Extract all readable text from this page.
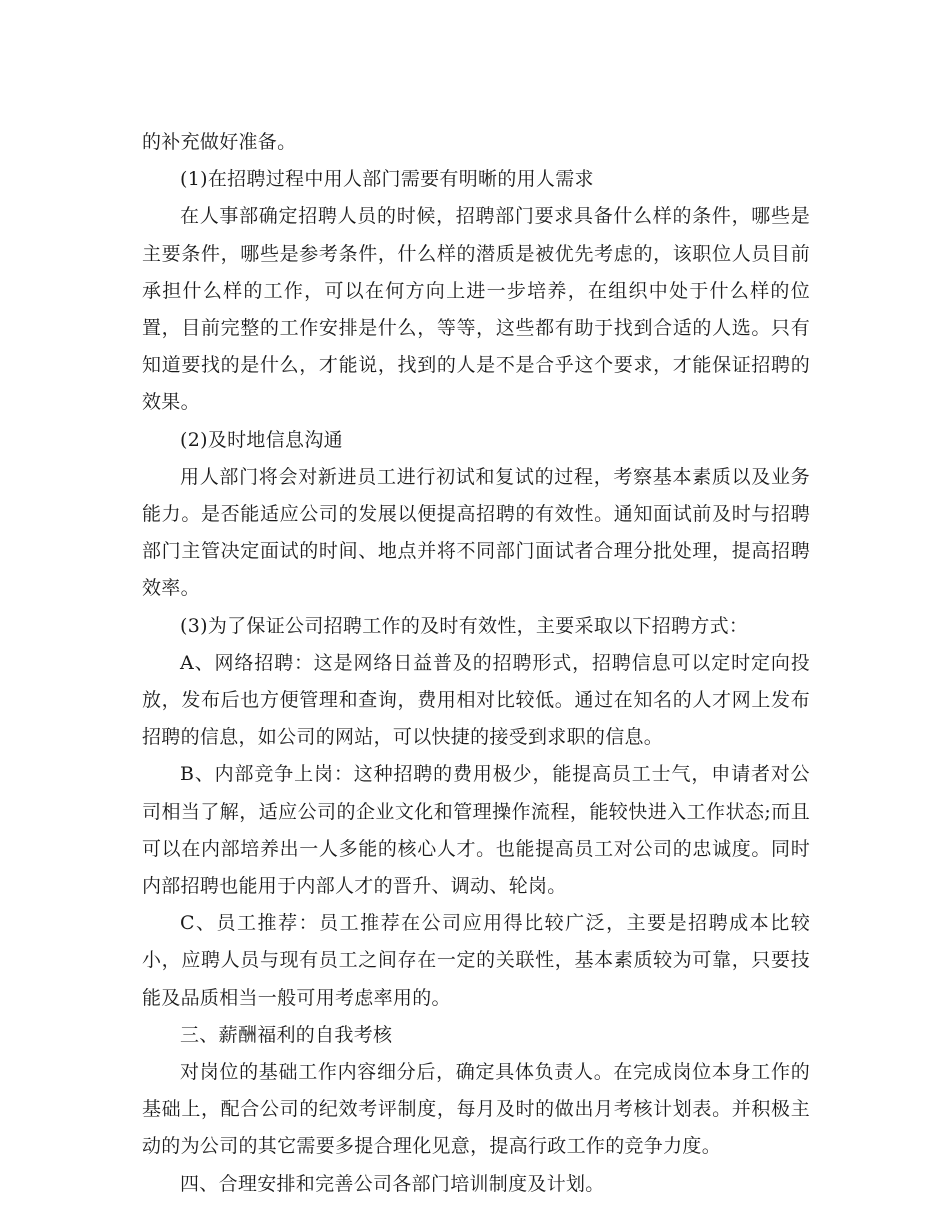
的补充做好准备。

(1)在招聘过程中用人部门需要有明晰的用人需求

在人事部确定招聘人员的时候，招聘部门要求具备什么样的条件，哪些是主要条件，哪些是参考条件，什么样的潜质是被优先考虑的，该职位人员目前承担什么样的工作，可以在何方向上进一步培养，在组织中处于什么样的位置，目前完整的工作安排是什么，等等，这些都有助于找到合适的人选。只有知道要找的是什么，才能说，找到的人是不是合乎这个要求，才能保证招聘的效果。

(2)及时地信息沟通

用人部门将会对新进员工进行初试和复试的过程，考察基本素质以及业务能力。是否能适应公司的发展以便提高招聘的有效性。通知面试前及时与招聘部门主管决定面试的时间、地点并将不同部门面试者合理分批处理，提高招聘效率。

(3)为了保证公司招聘工作的及时有效性，主要采取以下招聘方式：

A、网络招聘：这是网络日益普及的招聘形式，招聘信息可以定时定向投放，发布后也方便管理和查询，费用相对比较低。通过在知名的人才网上发布招聘的信息，如公司的网站，可以快捷的接受到求职的信息。

B、内部竞争上岗：这种招聘的费用极少，能提高员工士气，申请者对公司相当了解，适应公司的企业文化和管理操作流程，能较快进入工作状态;而且可以在内部培养出一人多能的核心人才。也能提高员工对公司的忠诚度。同时内部招聘也能用于内部人才的晋升、调动、轮岗。

C、员工推荐：员工推荐在公司应用得比较广泛，主要是招聘成本比较小，应聘人员与现有员工之间存在一定的关联性，基本素质较为可靠，只要技能及品质相当一般可用考虑率用的。

三、薪酬福利的自我考核

对岗位的基础工作内容细分后，确定具体负责人。在完成岗位本身工作的基础上，配合公司的纪效考评制度，每月及时的做出月考核计划表。并积极主动的为公司的其它需要多提合理化见意，提高行政工作的竞争力度。

四、合理安排和完善公司各部门培训制度及计划。
